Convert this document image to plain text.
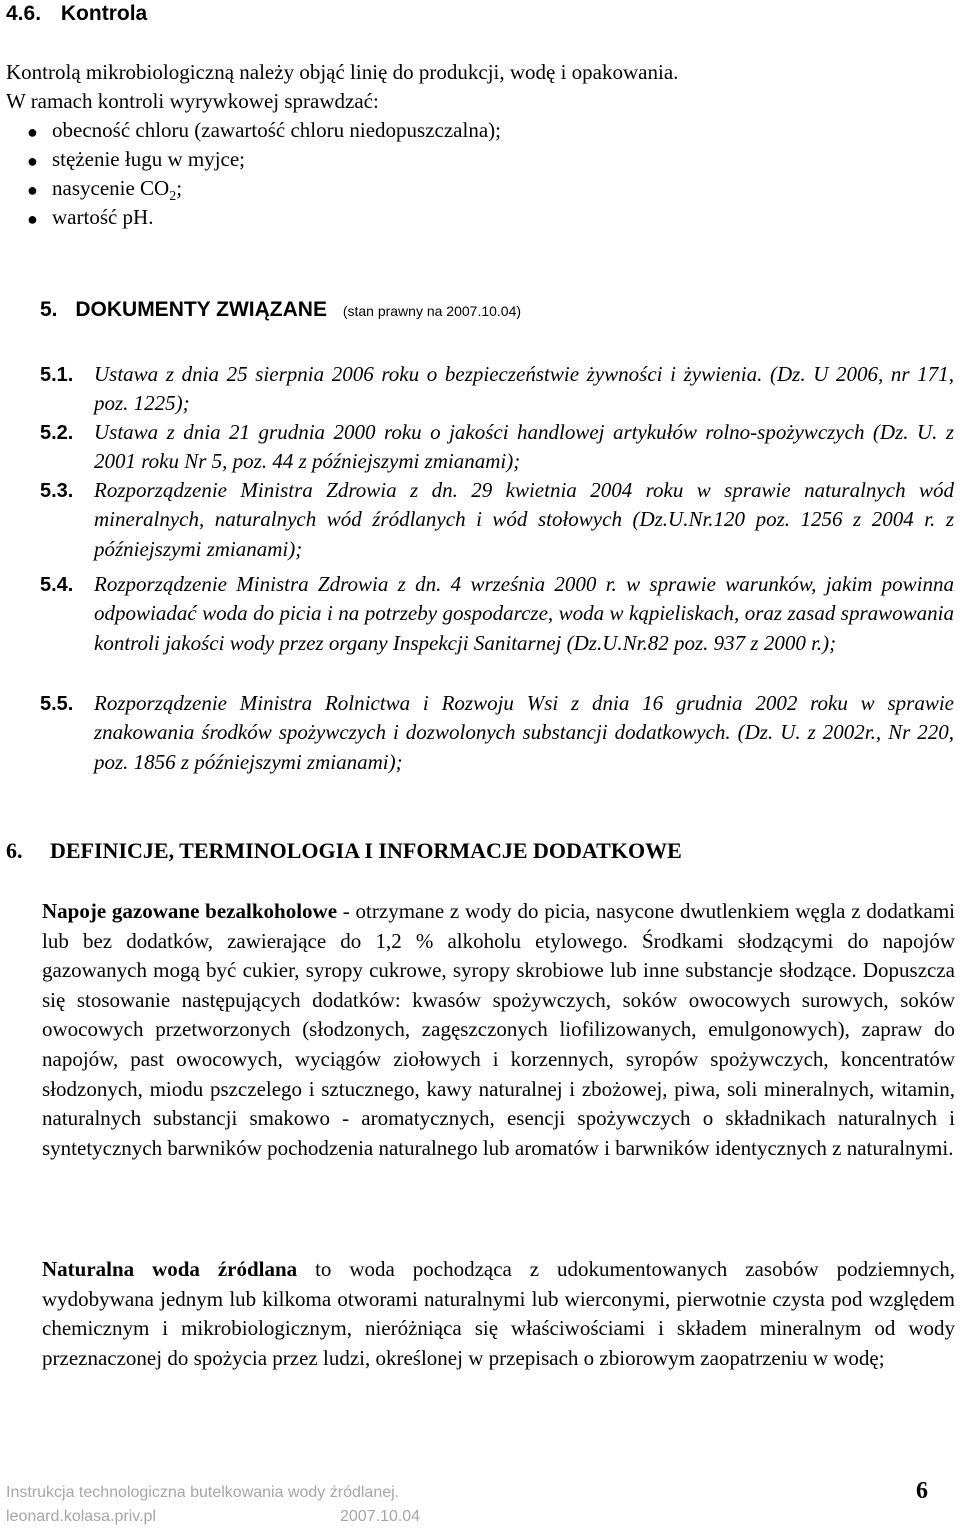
4.6. Kontrola
Kontrolą mikrobiologiczną należy objąć linię do produkcji, wodę i opakowania.
W ramach kontroli wyrywkowej sprawdzać:
● obecność chloru (zawartość chloru niedopuszczalna);
● stężenie ługu w myjce;
● nasycenie $CO_2$;
● wartość pH.
5. DOKUMENTY ZWIĄZANE (stan prawny na 2007.10.04)
5.1. Ustawa z dnia 25 sierpnia 2006 roku o bezpieczeństwie żywności i żywienia. (Dz. U 2006, nr 171, poz. 1225);
5.2. Ustawa z dnia 21 grudnia 2000 roku o jakości handlowej artykułów rolno-spożywczych (Dz. U. z 2001 roku Nr 5, poz. 44 z późniejszymi zmianami);
5.3. Rozporządzenie Ministra Zdrowia z dn. 29 kwietnia 2004 roku w sprawie naturalnych wód mineralnych, naturalnych wód źródlanych i wód stołowych (Dz.U.Nr.120 poz. 1256 z 2004 r. z późniejszymi zmianami);
5.4. Rozporządzenie Ministra Zdrowia z dn. 4 września 2000 r. w sprawie warunków, jakim powinna odpowiadać woda do picia i na potrzeby gospodarcze, woda w kąpieliskach, oraz zasad sprawowania kontroli jakości wody przez organy Inspekcji Sanitarnej (Dz.U.Nr.82 poz. 937 z 2000 r.);
5.5. Rozporządzenie Ministra Rolnictwa i Rozwoju Wsi z dnia 16 grudnia 2002 roku w sprawie znakowania środków spożywczych i dozwolonych substancji dodatkowych. (Dz. U. z 2002r., Nr 220, poz. 1856 z późniejszymi zmianami);
6. DEFINICJE, TERMINOLOGIA I INFORMACJE DODATKOWE
Napoje gazowane bezalkoholowe - otrzymane z wody do picia, nasycone dwutlenkiem węgla z dodatkami lub bez dodatków, zawierające do 1,2 % alkoholu etylowego. Środkami słodzącymi do napojów gazowanych mogą być cukier, syropy cukrowe, syropy skrobiowe lub inne substancje słodzące. Dopuszcza się stosowanie następujących dodatków: kwasów spożywczych, soków owocowych surowych, soków owocowych przetworzonych (słodzonych, zagęszczonych liofilizowanych, emulgonowych), zapraw do napojów, past owocowych, wyciągów ziołowych i korzennych, syropów spożywczych, koncentratów słodzonych, miodu pszczelego i sztucznego, kawy naturalnej i zbożowej, piwa, soli mineralnych, witamin, naturalnych substancji smakowo - aromatycznych, esencji spożywczych o składnikach naturalnych i syntetycznych barwników pochodzenia naturalnego lub aromatów i barwników identycznych z naturalnymi.
Naturalna woda źródlana to woda pochodząca z udokumentowanych zasobów podziemnych, wydobywana jednym lub kilkoma otworami naturalnymi lub wierconymi, pierwotnie czysta pod względem chemicznym i mikrobiologicznym, nieróżniąca się właściwościami i składem mineralnym od wody przeznaczonej do spożycia przez ludzi, określonej w przepisach o zbiorowym zaopatrzeniu w wodę;
Instrukcja technologiczna butelkowania wody źródlanej.	6
leonard.kolasa.priv.pl	2007.10.04
